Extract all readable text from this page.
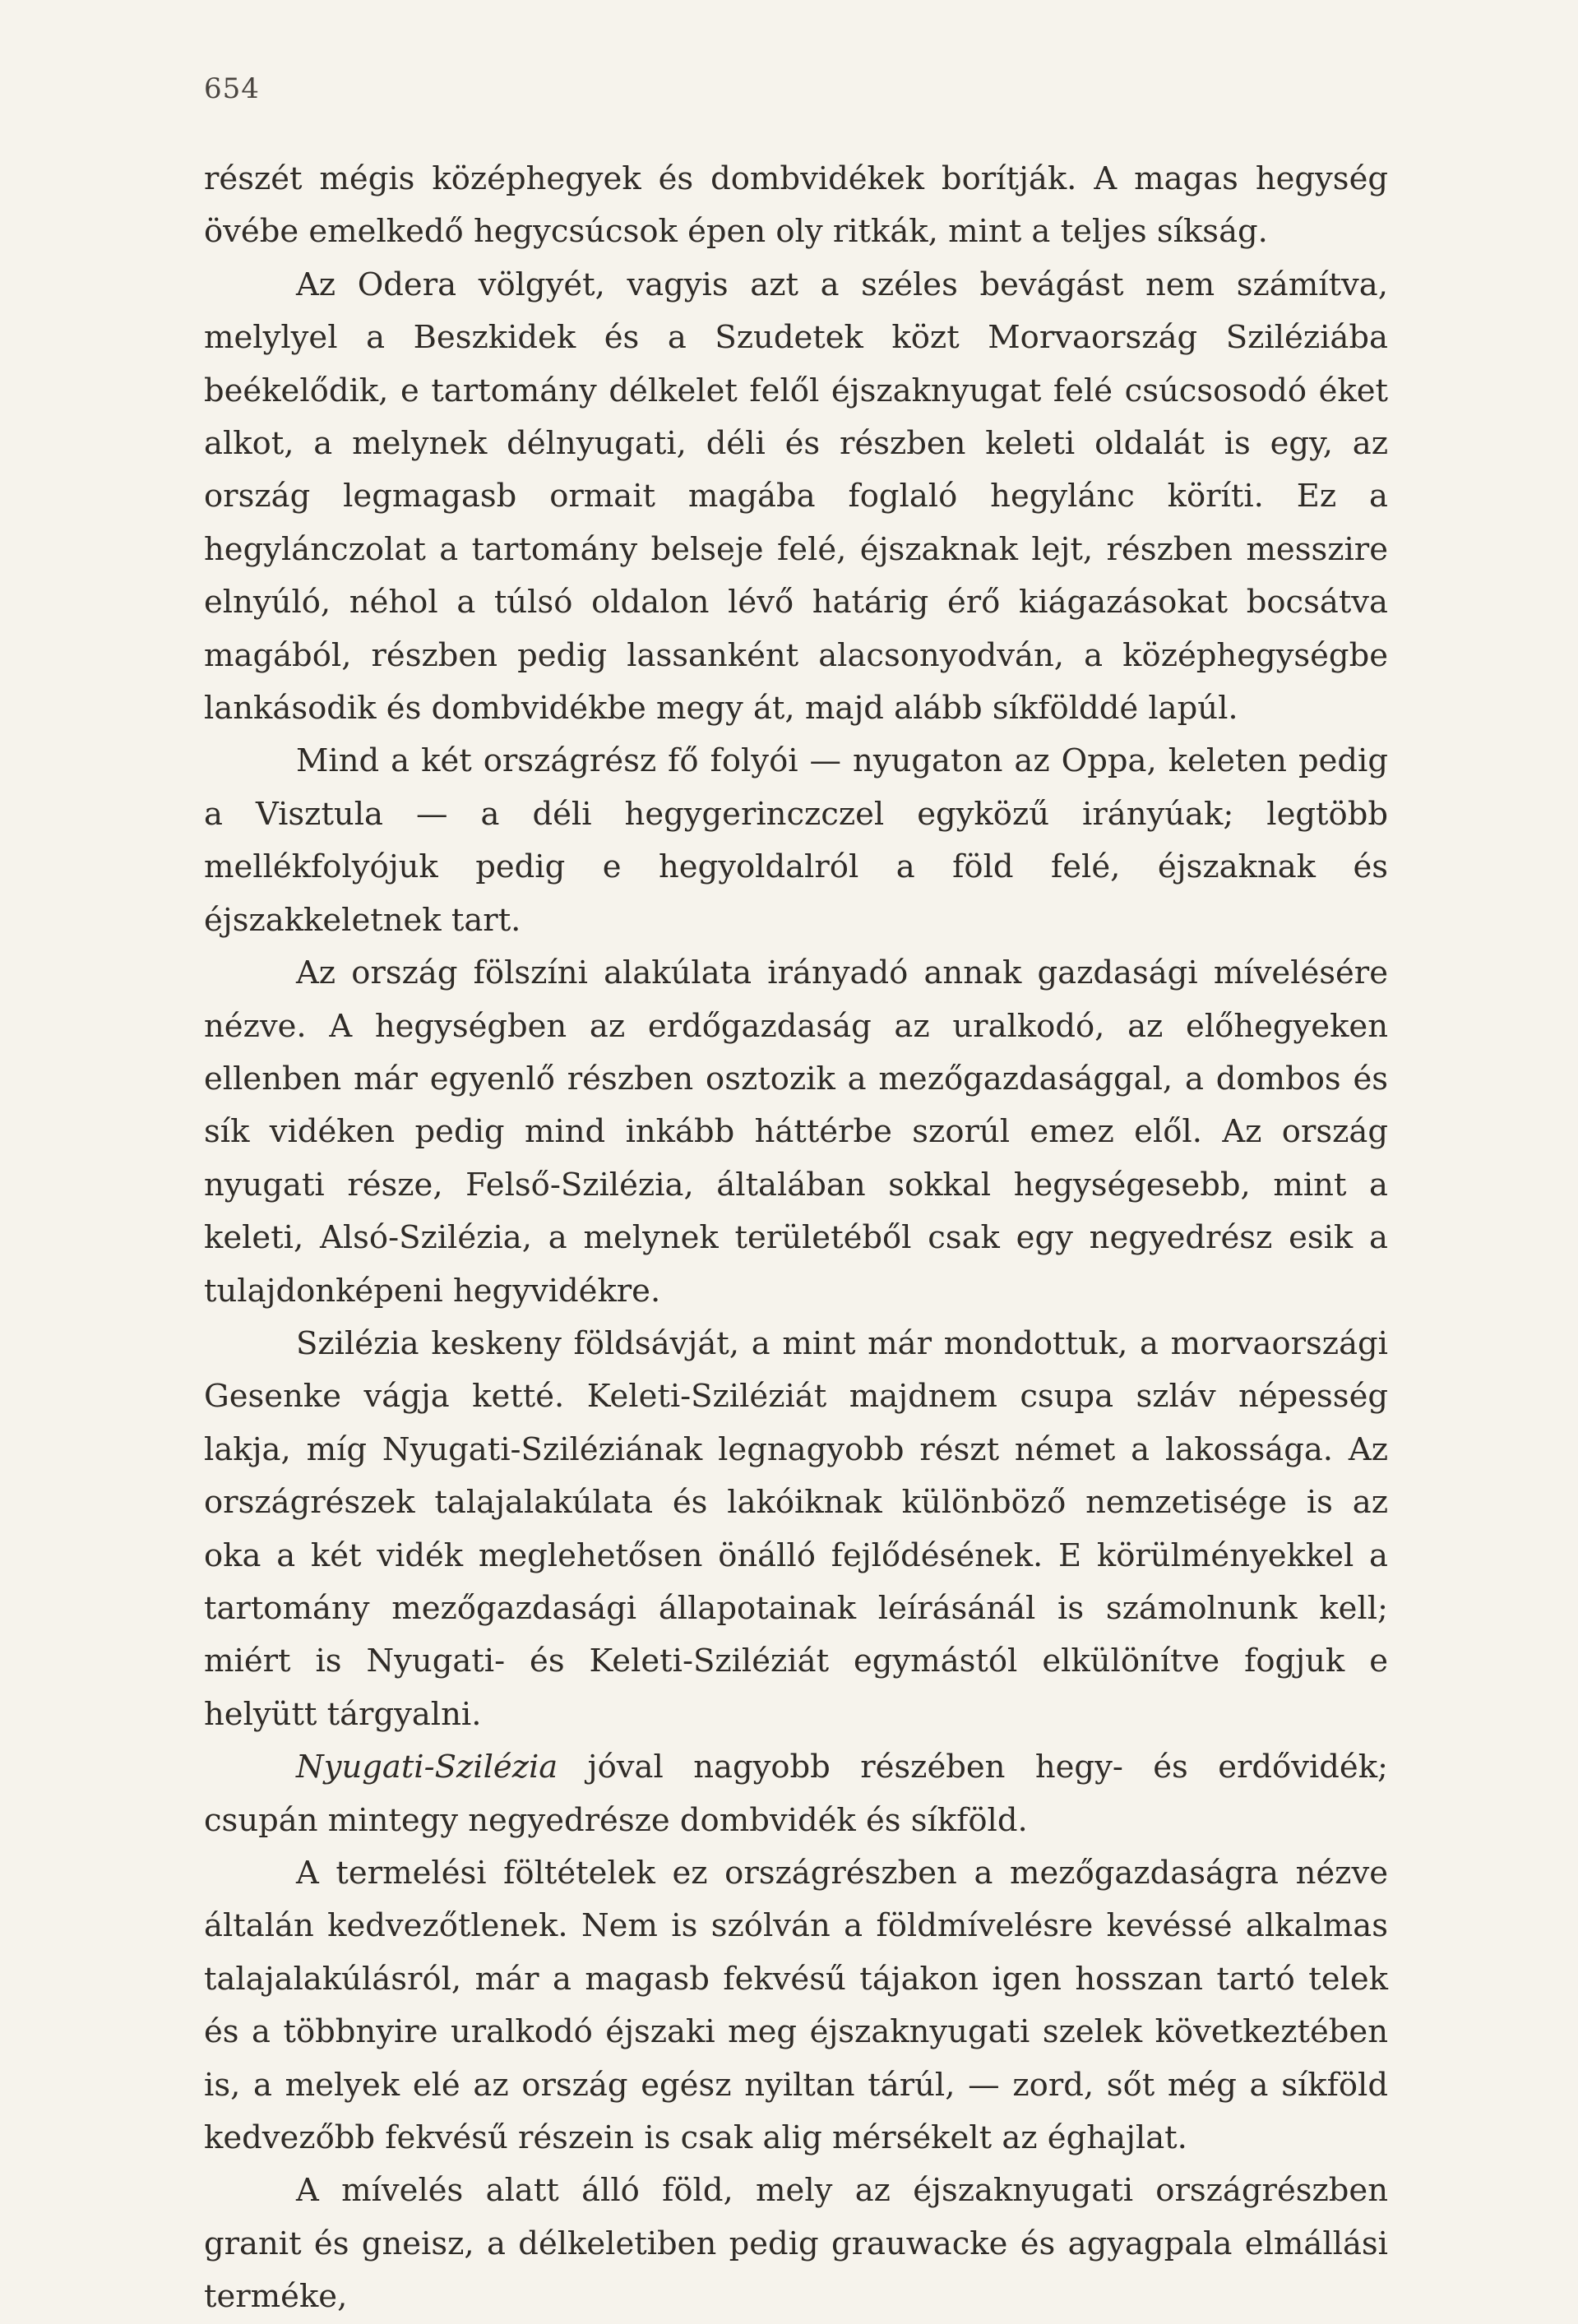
654

részét mégis középhegyek és dombvidékek borítják. A magas hegység övébe emelkedő hegycsúcsok épen oly ritkák, mint a teljes síkság.

Az Odera völgyét, vagyis azt a széles bevágást nem számítva, melylyel a Beszkidek és a Szudetek közt Morvaország Sziléziába beékelődik, e tartomány délkelet felől éjszaknyugat felé csúcsosodó éket alkot, a melynek délnyugati, déli és részben keleti oldalát is egy, az ország legmagasb ormait magába foglaló hegylánc köríti. Ez a hegylánczolat a tartomány belseje felé, éjszaknak lejt, részben messzire elnyúló, néhol a túlsó oldalon lévő határig érő kiágazásokat bocsátva magából, részben pedig lassanként alacsonyodván, a középhegységbe lankásodik és dombvidékbe megy át, majd alább síkfölddé lapúl.

Mind a két országrész fő folyói — nyugaton az Oppa, keleten pedig a Visztula — a déli hegygerinczczel egyközű irányúak; legtöbb mellékfolyójuk pedig e hegyoldalról a föld felé, éjszaknak és éjszakkeletnek tart.

Az ország fölszíni alakúlata irányadó annak gazdasági mívelésére nézve. A hegységben az erdőgazdaság az uralkodó, az előhegyeken ellenben már egyenlő részben osztozik a mezőgazdasággal, a dombos és sík vidéken pedig mind inkább háttérbe szorúl emez elől. Az ország nyugati része, Felső-Szilézia, általában sokkal hegységesebb, mint a keleti, Alsó-Szilézia, a melynek területéből csak egy negyedrész esik a tulajdonképeni hegyvidékre.

Szilézia keskeny földsávját, a mint már mondottuk, a morvaországi Gesenke vágja ketté. Keleti-Sziléziát majdnem csupa szláv népesség lakja, míg Nyugati-Sziléziának legnagyobb részt német a lakossága. Az országrészek talajalakúlata és lakóiknak különböző nemzetisége is az oka a két vidék meglehetősen önálló fejlődésének. E körülményekkel a tartomány mezőgazdasági állapotainak leírásánál is számolnunk kell; miért is Nyugati- és Keleti-Sziléziát egymástól elkülönítve fogjuk e helyütt tárgyalni.

Nyugati-Szilézia jóval nagyobb részében hegy- és erdővidék; csupán mintegy negyedrésze dombvidék és síkföld.

A termelési föltételek ez országrészben a mezőgazdaságra nézve általán kedvezőtlenek. Nem is szólván a földmívelésre kevéssé alkalmas talajalakúlásról, már a magasb fekvésű tájakon igen hosszan tartó telek és a többnyire uralkodó éjszaki meg éjszaknyugati szelek következtében is, a melyek elé az ország egész nyiltan tárúl, — zord, sőt még a síkföld kedvezőbb fekvésű részein is csak alig mérsékelt az éghajlat.

A mívelés alatt álló föld, mely az éjszaknyugati országrészben granit és gneisz, a délkeletiben pedig grauwacke és agyagpala elmállási terméke,
